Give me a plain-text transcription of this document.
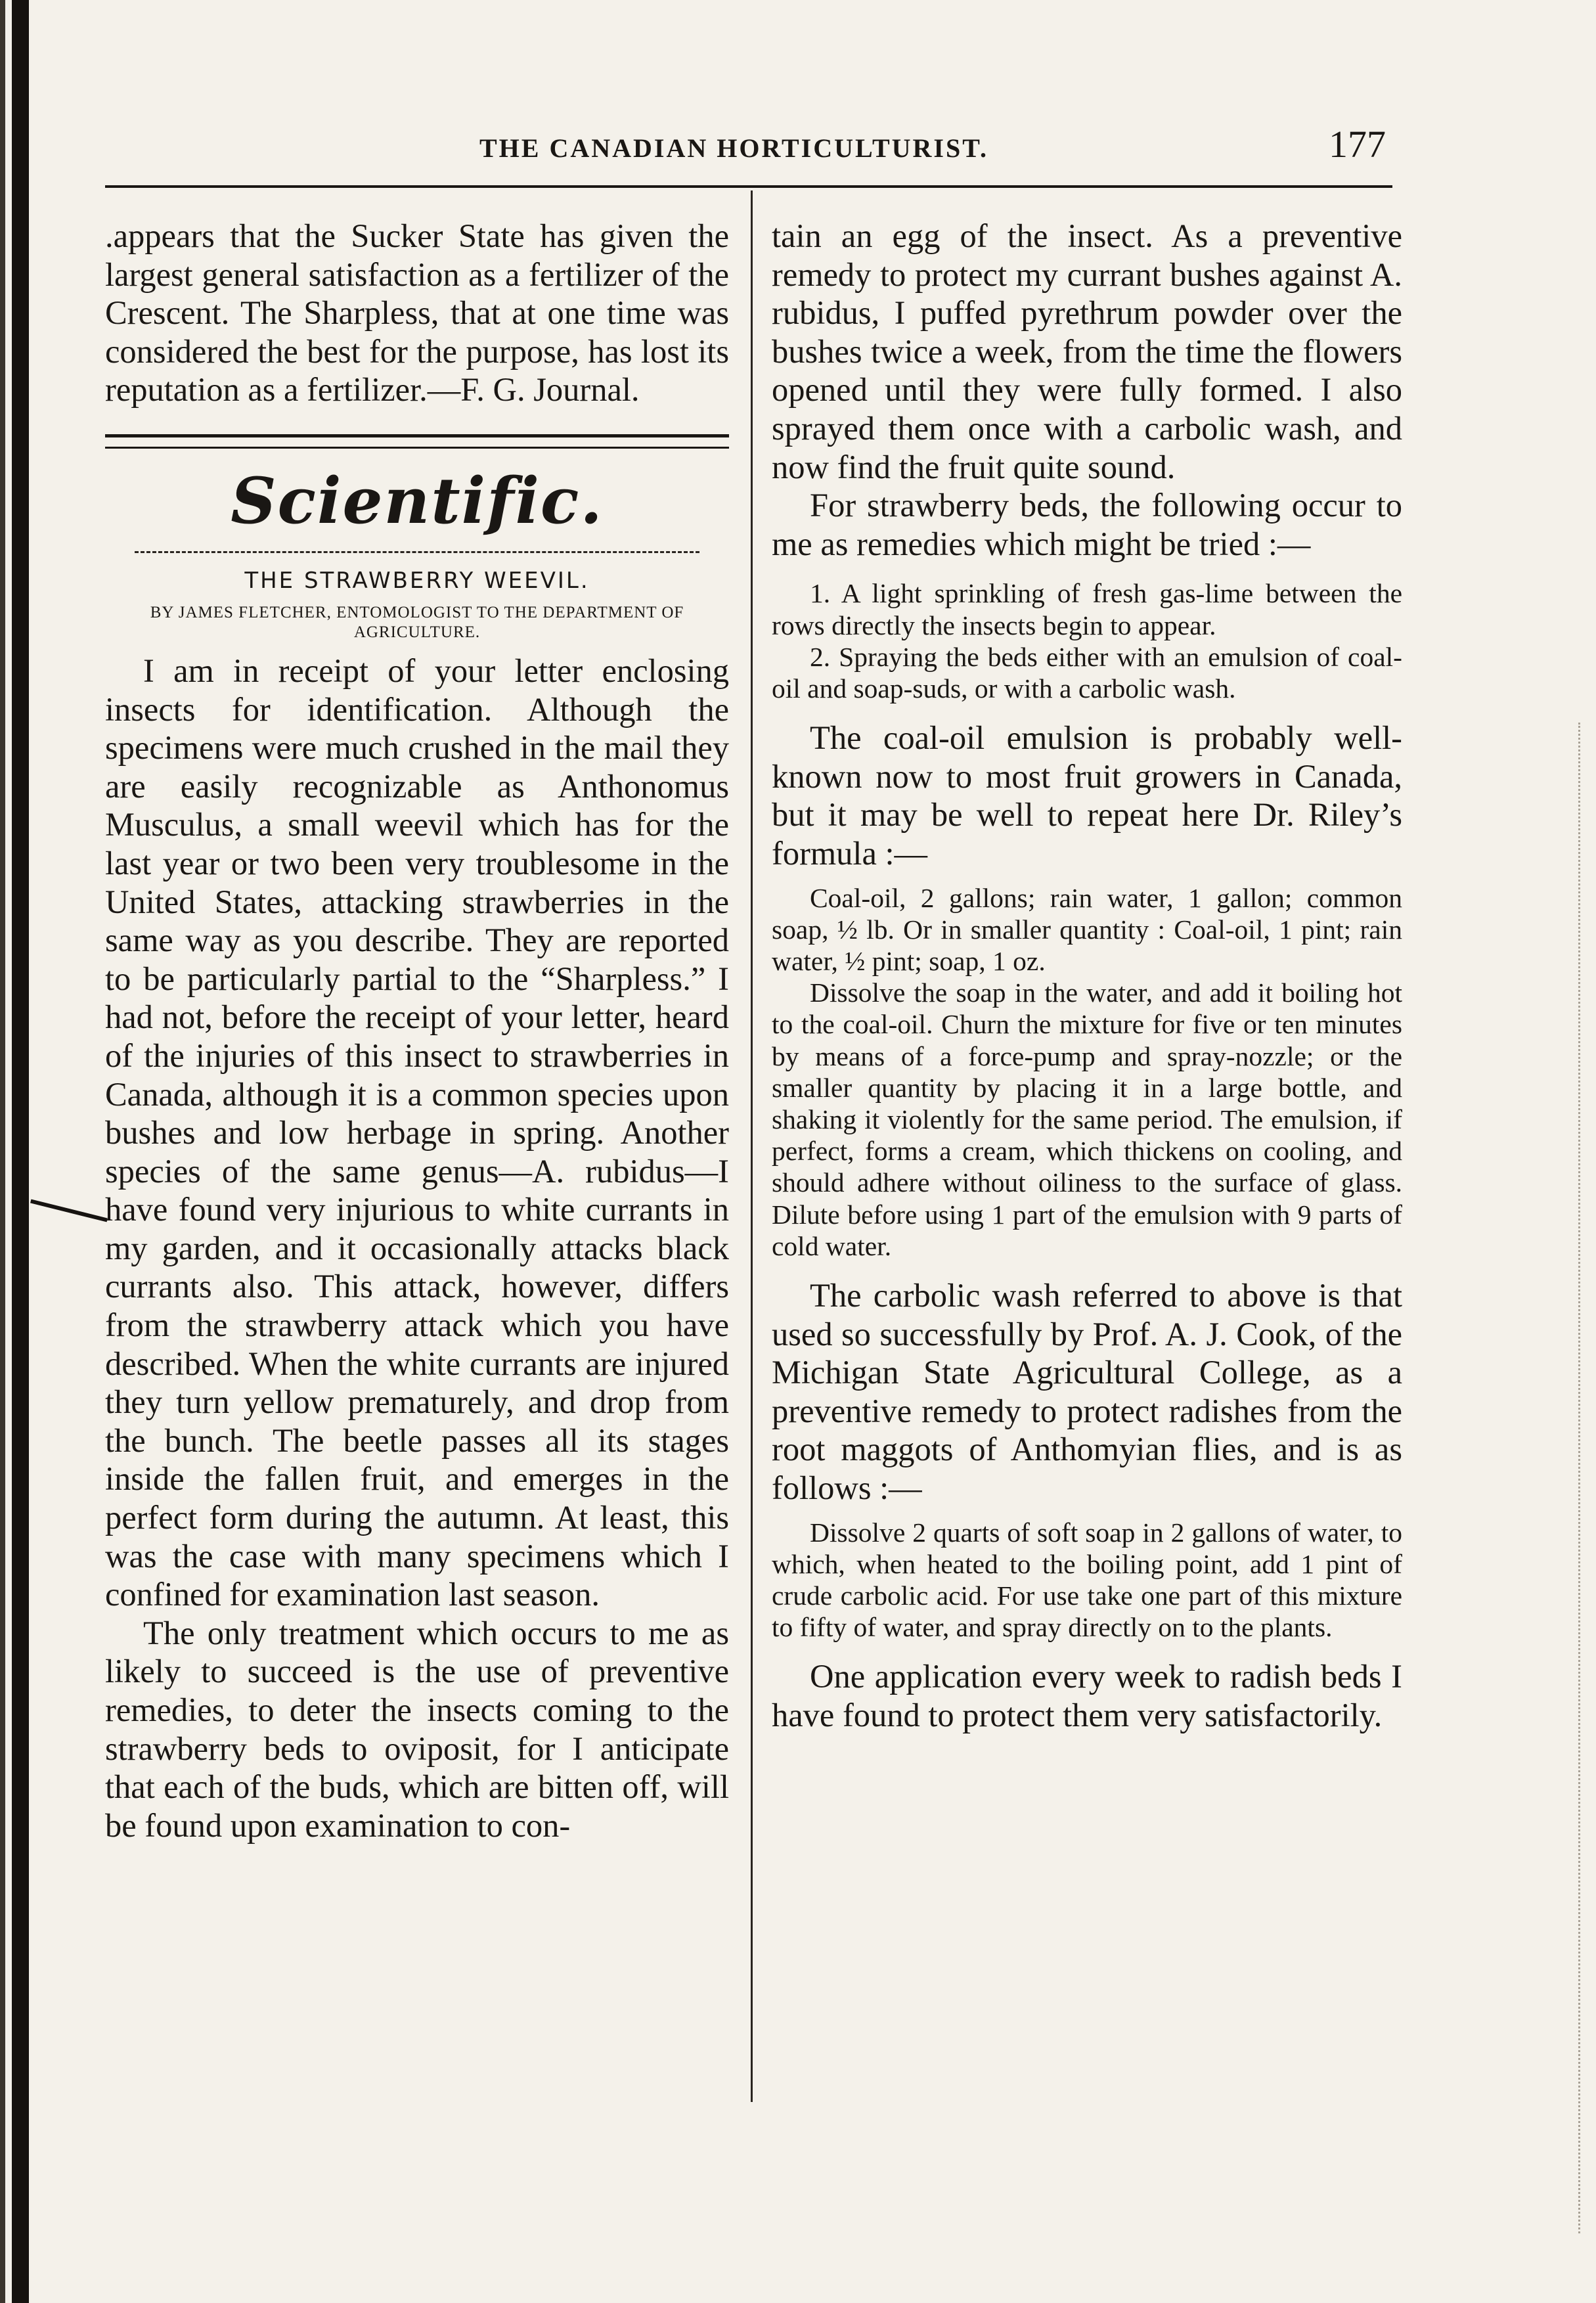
THE CANADIAN HORTICULTURIST.	177

.appears that the Sucker State has given the largest general satisfaction as a fertilizer of the Crescent. The Sharpless, that at one time was considered the best for the purpose, has lost its reputation as a fertilizer.—F. G. Journal.

Scientific.
THE STRAWBERRY WEEVIL.
BY JAMES FLETCHER, ENTOMOLOGIST TO THE DEPARTMENT OF AGRICULTURE.

I am in receipt of your letter enclosing insects for identification. Although the specimens were much crushed in the mail they are easily recognizable as Anthonomus Musculus, a small weevil which has for the last year or two been very troublesome in the United States, attacking strawberries in the same way as you describe. They are reported to be particularly partial to the “Sharpless.” I had not, before the receipt of your letter, heard of the injuries of this insect to strawberries in Canada, although it is a common species upon bushes and low herbage in spring. Another species of the same genus—A. rubidus—I have found very injurious to white currants in my garden, and it occasionally attacks black currants also. This attack, however, differs from the strawberry attack which you have described. When the white currants are injured they turn yellow prematurely, and drop from the bunch. The beetle passes all its stages inside the fallen fruit, and emerges in the perfect form during the autumn. At least, this was the case with many specimens which I confined for examination last season.

The only treatment which occurs to me as likely to succeed is the use of preventive remedies, to deter the insects coming to the strawberry beds to oviposit, for I anticipate that each of the buds, which are bitten off, will be found upon examination to con-

tain an egg of the insect. As a preventive remedy to protect my currant bushes against A. rubidus, I puffed pyrethrum powder over the bushes twice a week, from the time the flowers opened until they were fully formed. I also sprayed them once with a carbolic wash, and now find the fruit quite sound.

For strawberry beds, the following occur to me as remedies which might be tried :—

1. A light sprinkling of fresh gas-lime between the rows directly the insects begin to appear.

2. Spraying the beds either with an emulsion of coal-oil and soap-suds, or with a carbolic wash.

The coal-oil emulsion is probably well-known now to most fruit growers in Canada, but it may be well to repeat here Dr. Riley’s formula :—

Coal-oil, 2 gallons; rain water, 1 gallon; common soap, ½ lb. Or in smaller quantity : Coal-oil, 1 pint; rain water, ½ pint; soap, 1 oz.

Dissolve the soap in the water, and add it boiling hot to the coal-oil. Churn the mixture for five or ten minutes by means of a force-pump and spray-nozzle; or the smaller quantity by placing it in a large bottle, and shaking it violently for the same period. The emulsion, if perfect, forms a cream, which thickens on cooling, and should adhere without oiliness to the surface of glass. Dilute before using 1 part of the emulsion with 9 parts of cold water.

The carbolic wash referred to above is that used so successfully by Prof. A. J. Cook, of the Michigan State Agricultural College, as a preventive remedy to protect radishes from the root maggots of Anthomyian flies, and is as follows :—

Dissolve 2 quarts of soft soap in 2 gallons of water, to which, when heated to the boiling point, add 1 pint of crude carbolic acid. For use take one part of this mixture to fifty of water, and spray directly on to the plants.

One application every week to radish beds I have found to protect them very satisfactorily.
